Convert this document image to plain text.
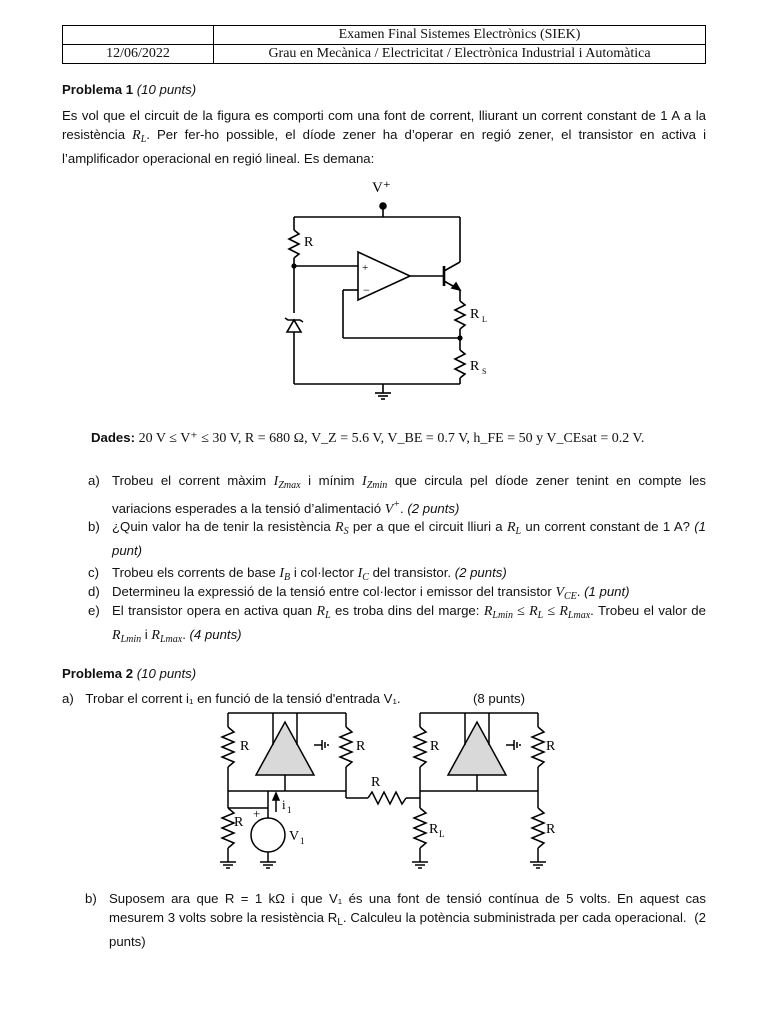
	Examen Final Sistemes Electrònics (SIEK)
12/06/2022	Grau en Mecànica / Electricitat / Electrònica Industrial i Automàtica
Problema 1 (10 punts)
Es vol que el circuit de la figura es comporti com una font de corrent, lliurant un corrent constant de 1 A a la resistència $R_L$. Per fer-ho possible, el díode zener ha d’operar en regió zener, el transistor en activa i l’amplificador operacional en regió lineal. Es demana:
V⁺
R
+
−
R L
R S
Dades: 20 V ≤ V⁺ ≤ 30 V, R = 680 Ω, V_Z = 5.6 V, V_BE = 0.7 V, h_FE = 50 y V_CEsat = 0.2 V.
a) Trobeu el corrent màxim $I_{Zmax}$ i mínim $I_{Zmin}$ que circula pel díode zener tenint en compte les variacions esperades a la tensió d’alimentació V+. (2 punts)
b) ¿Quin valor ha de tenir la resistència $R_S$ per a que el circuit lliuri a $R_L$ un corrent constant de 1 A? (1 punt)
c) Trobeu els corrents de base $I_B$ i col·lector $I_C$ del transistor. (2 punts)
d) Determineu la expressió de la tensió entre col·lector i emissor del transistor $V_{CE}$. (1 punt)
e) El transistor opera en activa quan $R_L$ es troba dins del marge: $R_{Lmin} \le R_L \le R_{Lmax}$. Trobeu el valor de $R_{Lmin}$ i $R_{Lmax}$. (4 punts)
Problema 2 (10 punts)
a) Trobar el corrent i₁ en funció de la tensió d'entrada V₁.	(8 punts)
R	R
R
R
+
V 1
i 1
R	R
R L	R
b) Suposem ara que R = 1 kΩ i que V₁ és una font de tensió contínua de 5 volts. En aquest cas mesurem 3 volts sobre la resistència $R_L$. Calculeu la potència subministrada per cada operacional. (2 punts)
